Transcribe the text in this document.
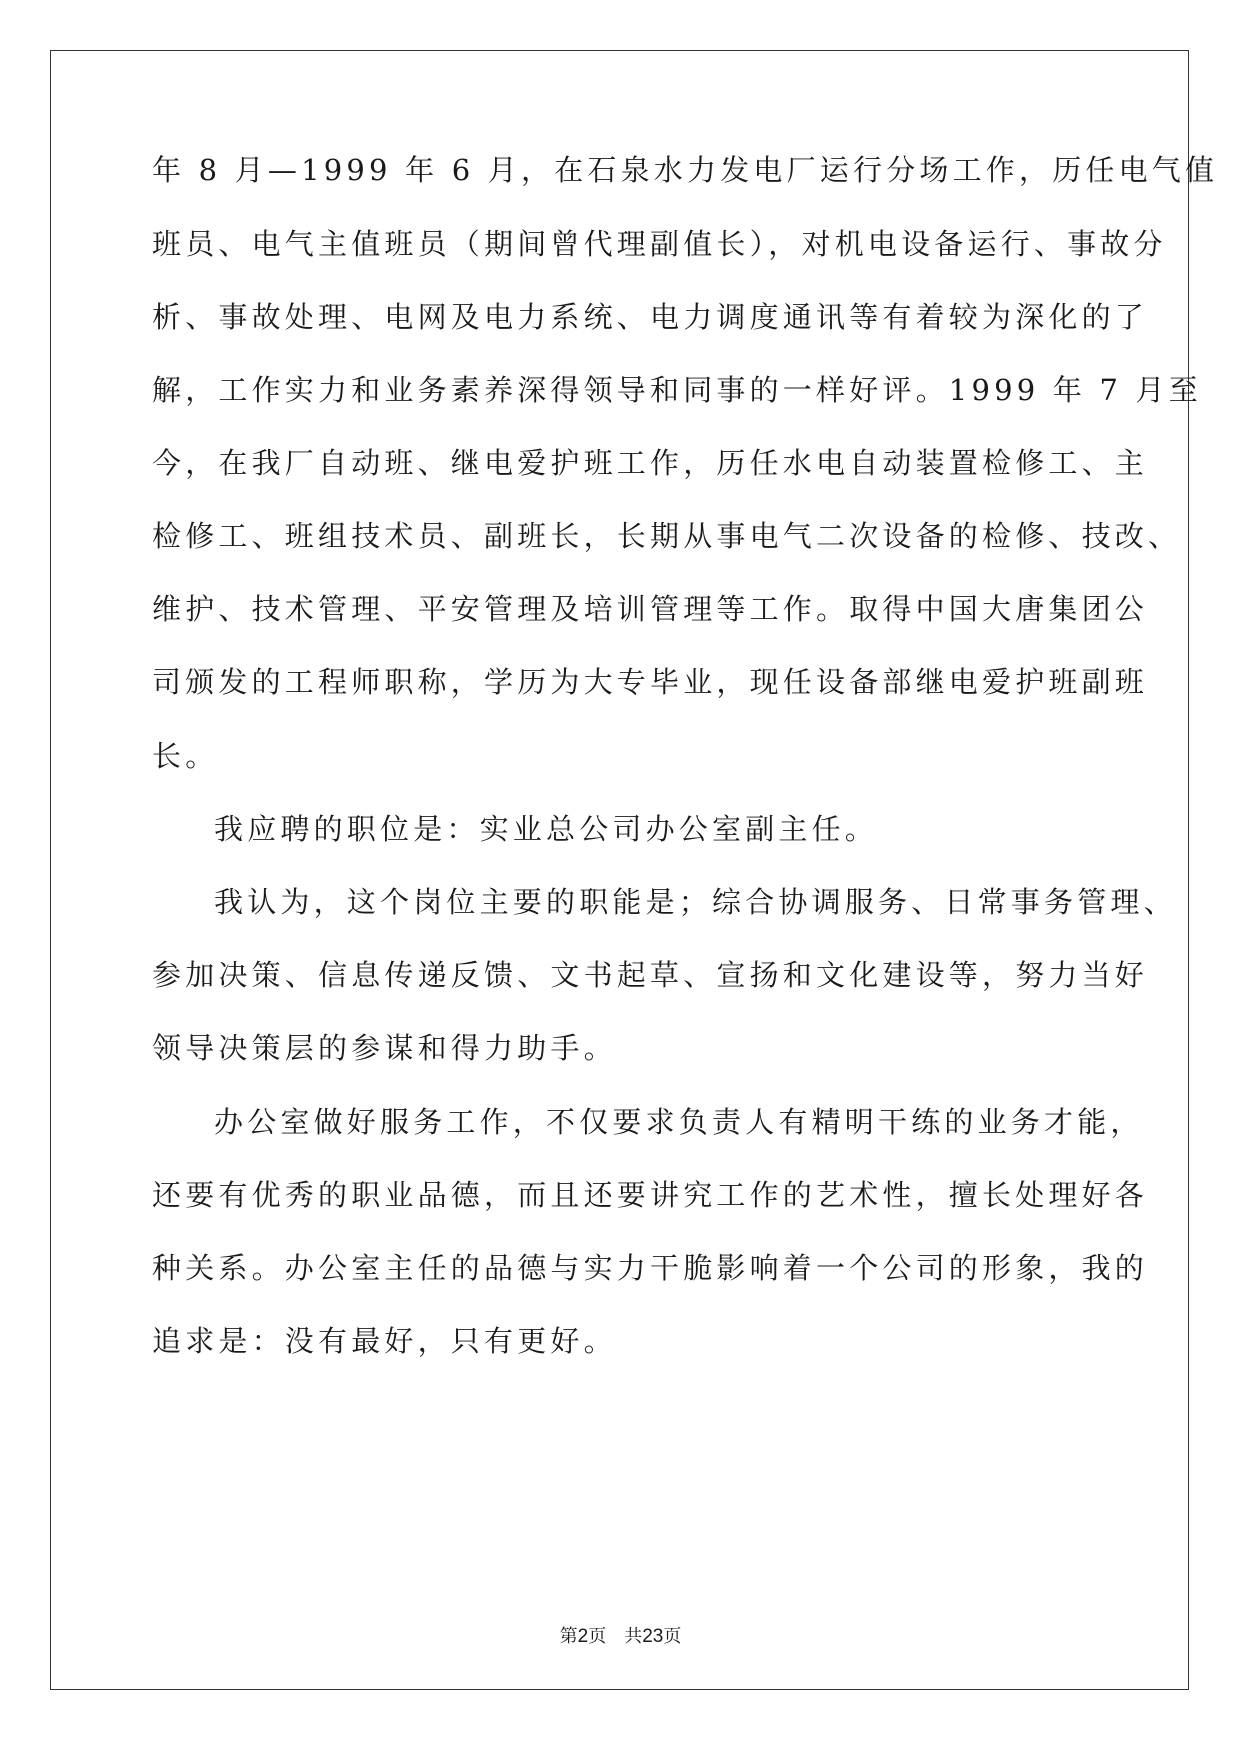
年 8 月—1999 年 6 月，在石泉水力发电厂运行分场工作，历任电气值
班员、电气主值班员（期间曾代理副值长），对机电设备运行、事故分
析、事故处理、电网及电力系统、电力调度通讯等有着较为深化的了
解，工作实力和业务素养深得领导和同事的一样好评。1999 年 7 月至
今，在我厂自动班、继电爱护班工作，历任水电自动装置检修工、主
检修工、班组技术员、副班长，长期从事电气二次设备的检修、技改、
维护、技术管理、平安管理及培训管理等工作。取得中国大唐集团公
司颁发的工程师职称，学历为大专毕业，现任设备部继电爱护班副班
长。
我应聘的职位是：实业总公司办公室副主任。
我认为，这个岗位主要的职能是；综合协调服务、日常事务管理、
参加决策、信息传递反馈、文书起草、宣扬和文化建设等，努力当好
领导决策层的参谋和得力助手。
办公室做好服务工作，不仅要求负责人有精明干练的业务才能，
还要有优秀的职业品德，而且还要讲究工作的艺术性，擅长处理好各
种关系。办公室主任的品德与实力干脆影响着一个公司的形象，我的
追求是：没有最好，只有更好。
第2页 共23页
